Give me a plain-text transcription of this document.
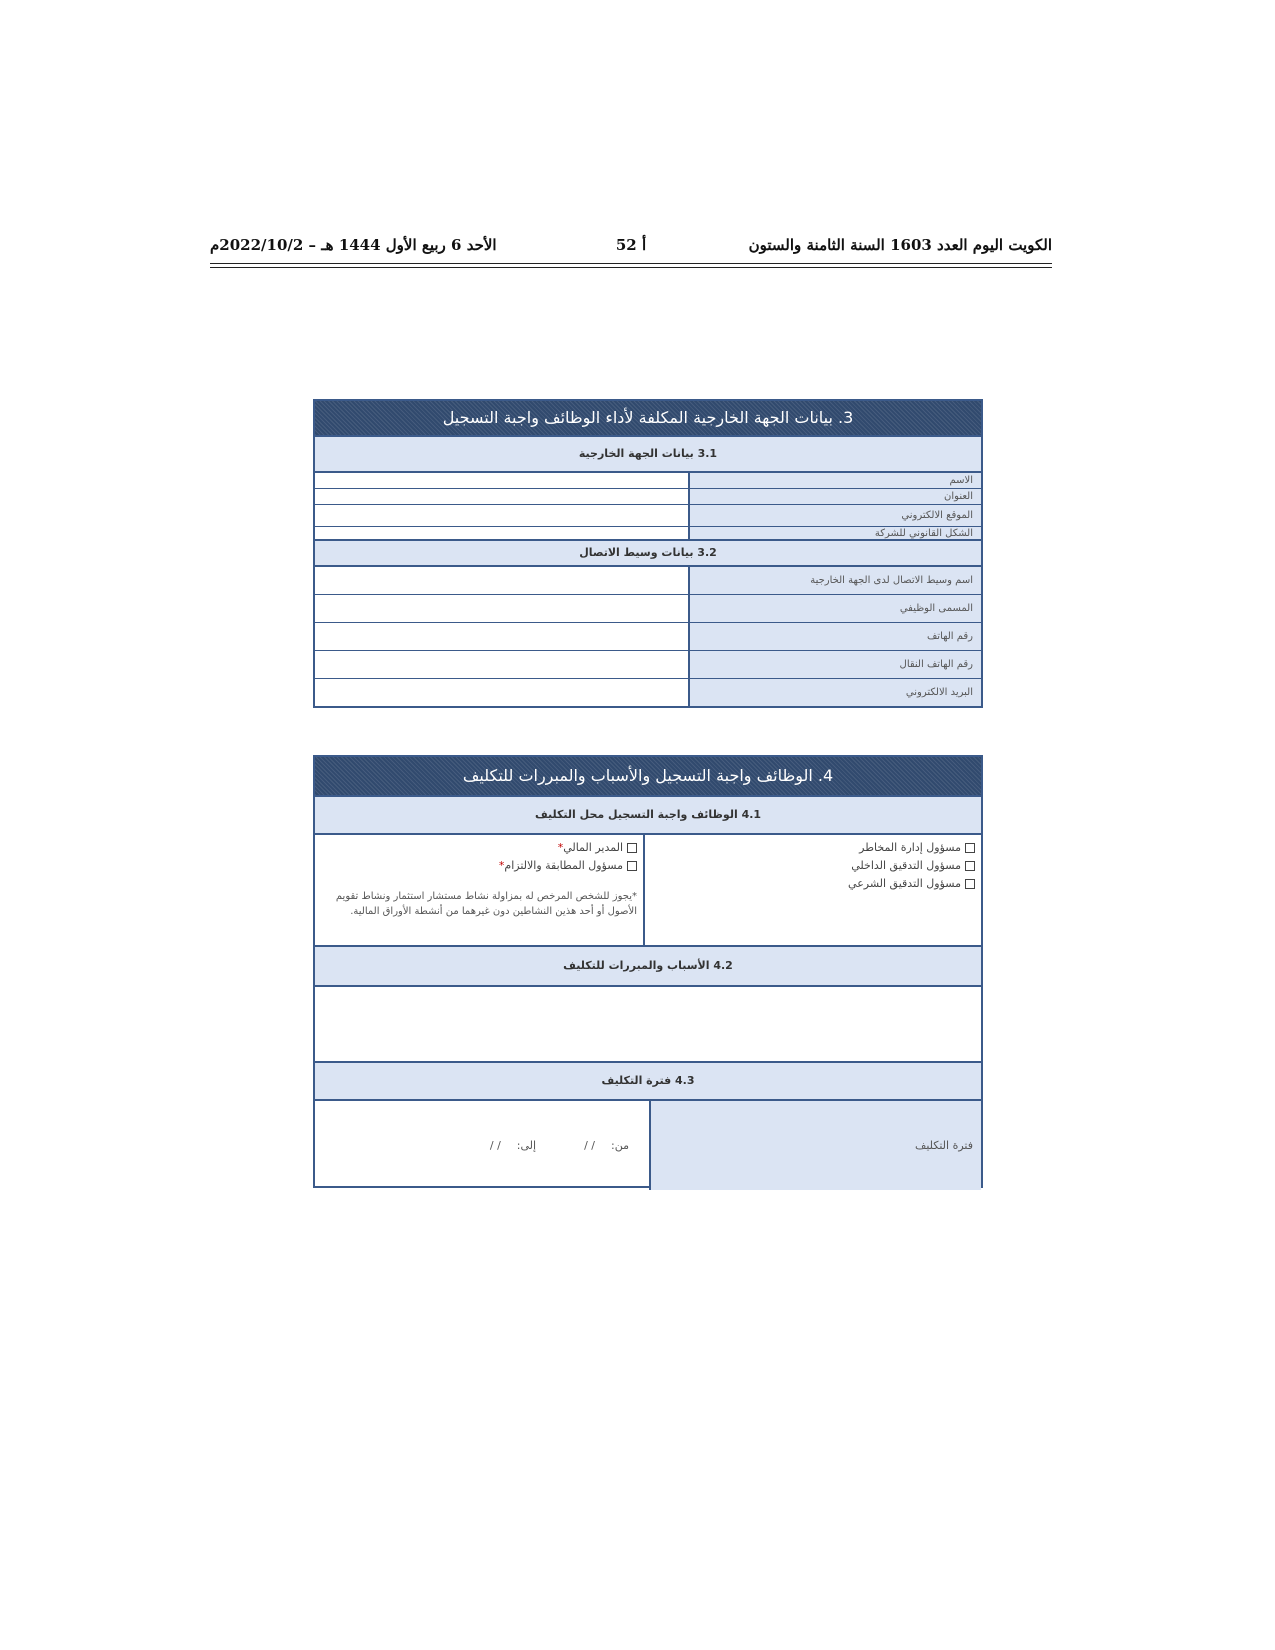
الكويت اليوم العدد 1603 السنة الثامنة والستون
أ 52
الأحد 6 ربيع الأول 1444 هـ – 2022/10/2م
3. بيانات الجهة الخارجية المكلفة لأداء الوظائف واجبة التسجيل
3.1 بيانات الجهة الخارجية
الاسم
العنوان
الموقع الالكتروني
الشكل القانوني للشركة
3.2 بيانات وسيط الاتصال
اسم وسيط الاتصال لدى الجهة الخارجية
المسمى الوظيفي
رقم الهاتف
رقم الهاتف النقال
البريد الالكتروني
4. الوظائف واجبة التسجيل والأسباب والمبررات للتكليف
4.1 الوظائف واجبة التسجيل محل التكليف
مسؤول إدارة المخاطر
مسؤول التدقيق الداخلي
مسؤول التدقيق الشرعي
المدير المالي*
مسؤول المطابقة والالتزام*
*يجوز للشخص المرخص له بمزاولة نشاط مستشار استثمار ونشاط تقويم الأصول أو أحد هذين النشاطين دون غيرهما من أنشطة الأوراق المالية.
4.2 الأسباب والمبررات للتكليف
4.3 فترة التكليف
فترة التكليف
من:
/ /
إلى:
/ /
